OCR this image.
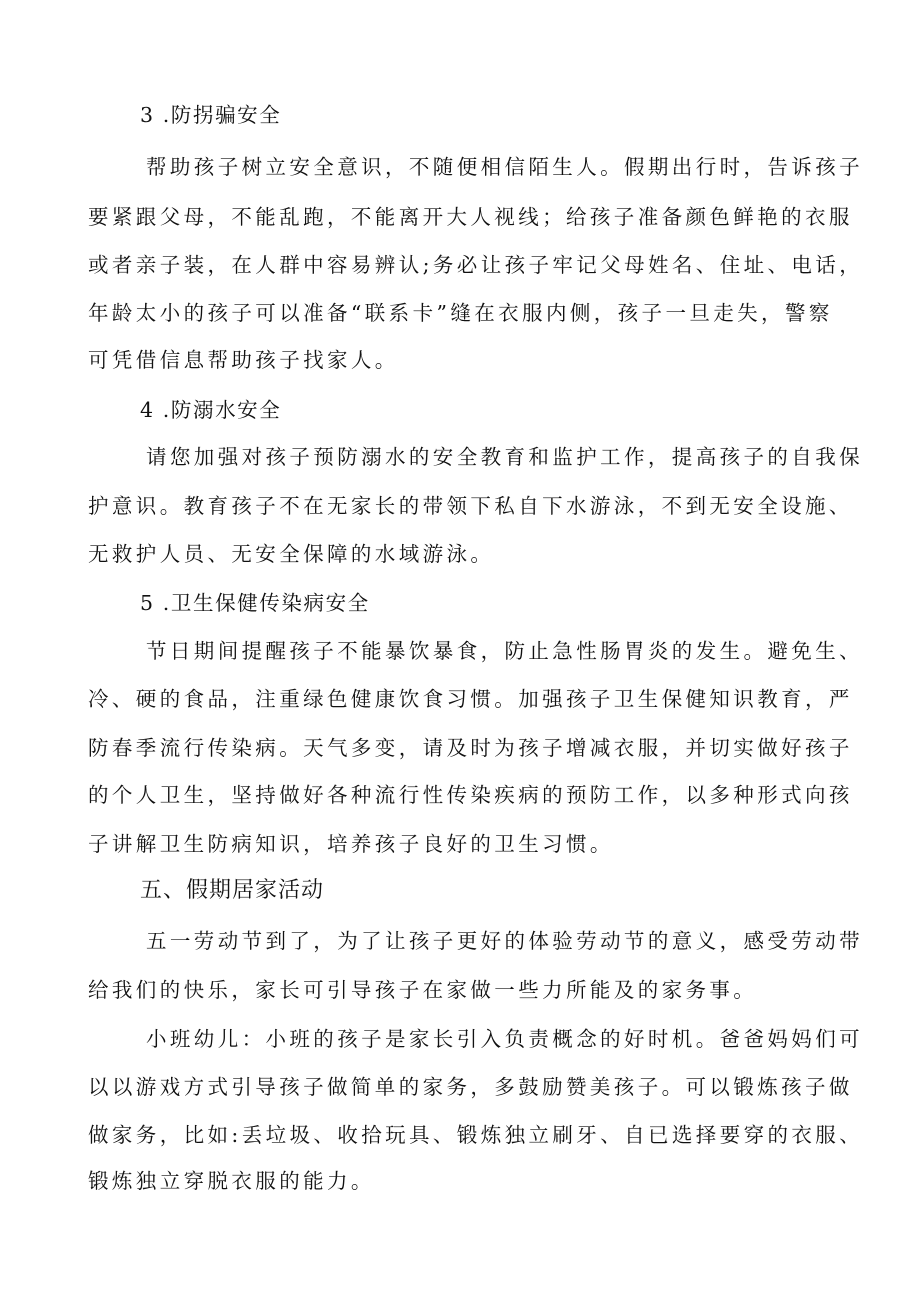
3 .防拐骗安全
帮助孩子树立安全意识，不随便相信陌生人。假期出行时，告诉孩子
要紧跟父母，不能乱跑，不能离开大人视线；给孩子准备颜色鲜艳的衣服
或者亲子装，在人群中容易辨认;务必让孩子牢记父母姓名、住址、电话，
年龄太小的孩子可以准备“联系卡”缝在衣服内侧，孩子一旦走失，警察
可凭借信息帮助孩子找家人。
4 .防溺水安全
请您加强对孩子预防溺水的安全教育和监护工作，提高孩子的自我保
护意识。教育孩子不在无家长的带领下私自下水游泳，不到无安全设施、
无救护人员、无安全保障的水域游泳。
5 .卫生保健传染病安全
节日期间提醒孩子不能暴饮暴食，防止急性肠胃炎的发生。避免生、
冷、硬的食品，注重绿色健康饮食习惯。加强孩子卫生保健知识教育，严
防春季流行传染病。天气多变，请及时为孩子增减衣服，并切实做好孩子
的个人卫生，坚持做好各种流行性传染疾病的预防工作，以多种形式向孩
子讲解卫生防病知识，培养孩子良好的卫生习惯。
五、假期居家活动
五一劳动节到了，为了让孩子更好的体验劳动节的意义，感受劳动带
给我们的快乐，家长可引导孩子在家做一些力所能及的家务事。
小班幼儿：小班的孩子是家长引入负责概念的好时机。爸爸妈妈们可
以以游戏方式引导孩子做简单的家务，多鼓励赞美孩子。可以锻炼孩子做
做家务，比如:丢垃圾、收拾玩具、锻炼独立刷牙、自已选择要穿的衣服、
锻炼独立穿脱衣服的能力。
